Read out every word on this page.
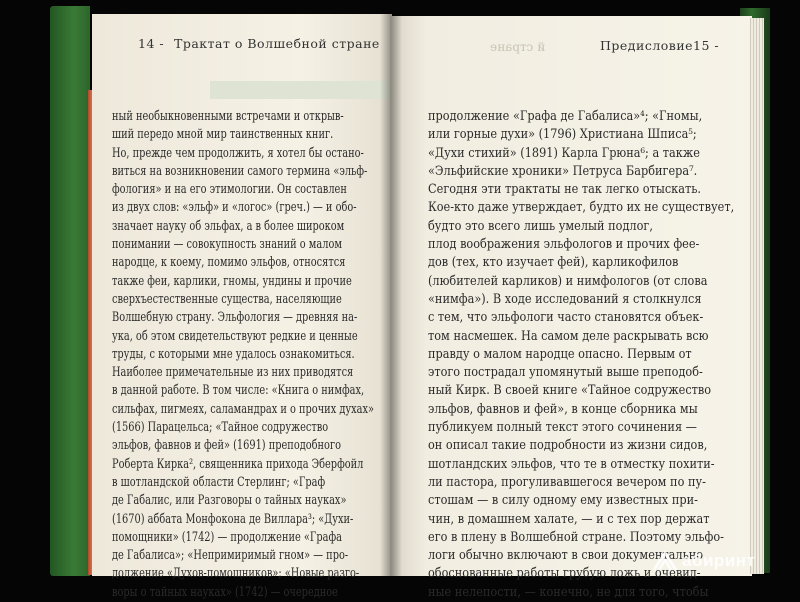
14 - Трактат о Волшебной стране
ный необыкновенными встречами и открыв-
ший передо мной мир таинственных книг.
Но, прежде чем продолжить, я хотел бы остано-
виться на возникновении самого термина «эльф-
фология» и на его этимологии. Он составлен
из двух слов: «эльф» и «логос» (греч.) — и обо-
значает науку об эльфах, а в более широком
понимании — совокупность знаний о малом
народце, к коему, помимо эльфов, относятся
также феи, карлики, гномы, ундины и прочие
сверхъестественные существа, населяющие
Волшебную страну. Эльфология — древняя на-
ука, об этом свидетельствуют редкие и ценные
труды, с которыми мне удалось ознакомиться.
Наиболее примечательные из них приводятся
в данной работе. В том числе: «Книга о нимфах,
сильфах, пигмеях, саламандрах и о прочих духах»
(1566) Парацельса; «Тайное содружество
эльфов, фавнов и фей» (1691) преподобного
Роберта Кирка², священника прихода Эберфойл
в шотландской области Стерлинг; «Граф
де Габалис, или Разговоры о тайных науках»
(1670) аббата Монфокона де Виллара³; «Духи-
помощники» (1742) — продолжение «Графа
де Габалиса»; «Непримиримый гном» — про-
должение «Духов-помощников»; «Новые разго-
воры о тайных науках» (1742) — очередное
й стране	Предисловие 15 -
продолжение «Графа де Габалиса»⁴; «Гномы,
или горные духи» (1796) Христиана Шписа⁵;
«Духи стихий» (1891) Карла Грюна⁶; а также
«Эльфийские хроники» Петруса Барбигера⁷.
Сегодня эти трактаты не так легко отыскать.
Кое-кто даже утверждает, будто их не существует,
будто это всего лишь умелый подлог,
плод воображения эльфологов и прочих фее-
дов (тех, кто изучает фей), карликофилов
(любителей карликов) и нимфологов (от слова
«нимфа»). В ходе исследований я столкнулся
с тем, что эльфологи часто становятся объек-
том насмешек. На самом деле раскрывать всю
правду о малом народце опасно. Первым от
этого пострадал упомянутый выше преподоб-
ный Кирк. В своей книге «Тайное содружество
эльфов, фавнов и фей», в конце сборника мы
публикуем полный текст этого сочинения —
он описал такие подробности из жизни сидов,
шотландских эльфов, что те в отместку похити-
ли пастора, прогуливавшегося вечером по пу-
стошам — в силу одному ему известных при-
чин, в домашнем халате, — и с тех пор держат
его в плену в Волшебной стране. Поэтому эльфо-
логи обычно включают в свои документально
обоснованные работы грубую ложь и очевид-
ные нелепости, — конечно, не для того, чтобы
абиринт
